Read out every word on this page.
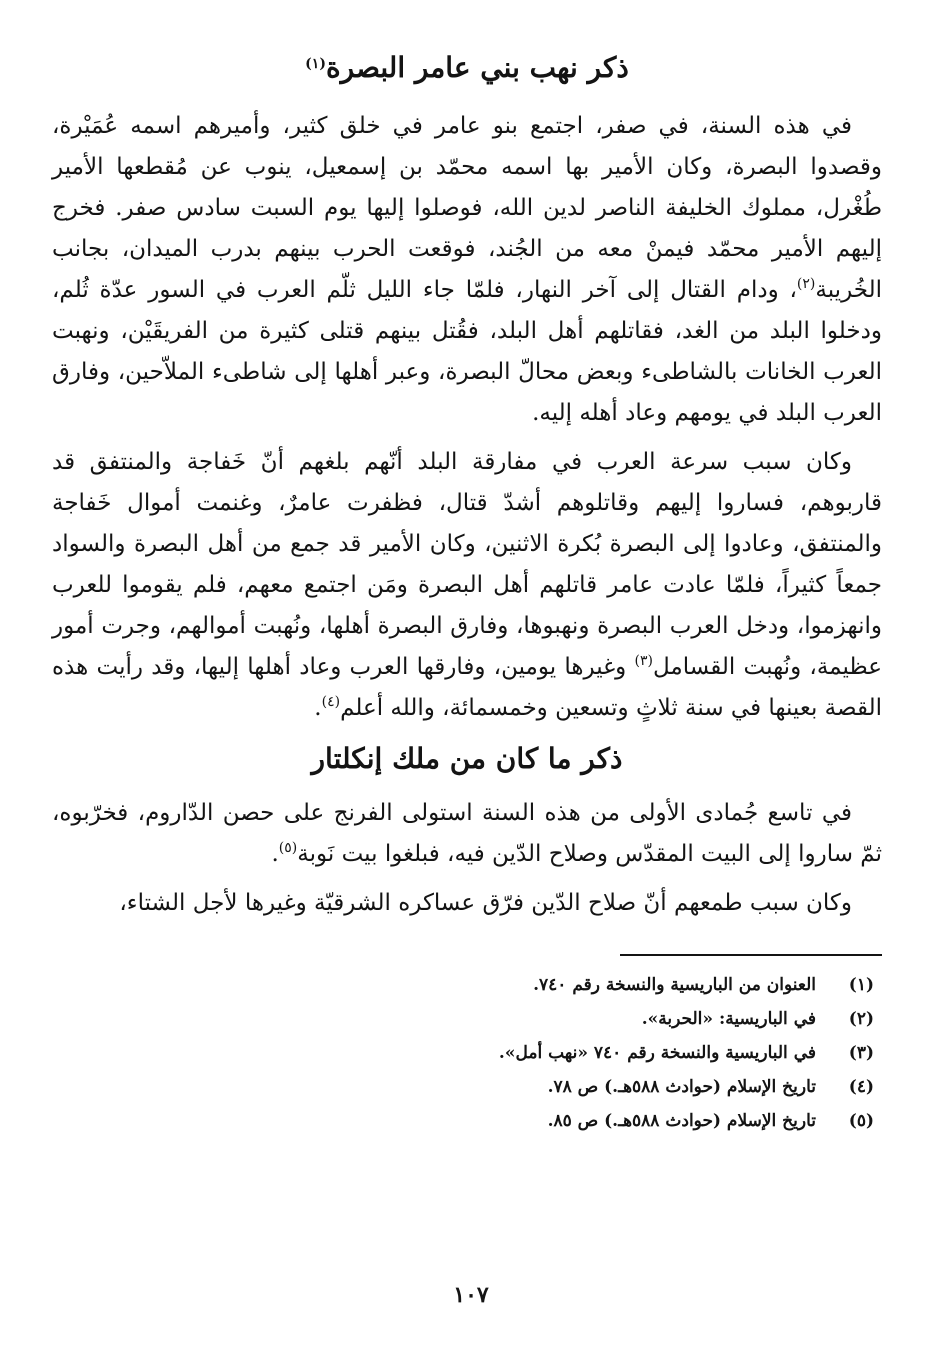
ذكر نهب بني عامر البصرة$^{(١)}$

في هذه السنة، في صفر، اجتمع بنو عامر في خلق كثير، وأميرهم اسمه عُمَيْرة، وقصدوا البصرة، وكان الأمير بها اسمه محمّد بن إسمعيل، ينوب عن مُقطعها الأمير طُغْرل، مملوك الخليفة الناصر لدين الله، فوصلوا إليها يوم السبت سادس صفر. فخرج إليهم الأمير محمّد فيمنْ معه من الجُند، فوقعت الحرب بينهم بدرب الميدان، بجانب الخُريبة$^{(٢)}$، ودام القتال إلى آخر النهار، فلمّا جاء الليل ثلّم العرب في السور عدّة ثُلم، ودخلوا البلد من الغد، فقاتلهم أهل البلد، فقُتل بينهم قتلى كثيرة من الفريقَيْن، ونهبت العرب الخانات بالشاطىء وبعض محالّ البصرة، وعبر أهلها إلى شاطىء الملاّحين، وفارق العرب البلد في يومهم وعاد أهله إليه.

وكان سبب سرعة العرب في مفارقة البلد أنّهم بلغهم أنّ خَفاجة والمنتفق قد قاربوهم، فساروا إليهم وقاتلوهم أشدّ قتال، فظفرت عامرٌ، وغنمت أموال خَفاجة والمنتفق، وعادوا إلى البصرة بُكرة الاثنين، وكان الأمير قد جمع من أهل البصرة والسواد جمعاً كثيراً، فلمّا عادت عامر قاتلهم أهل البصرة ومَن اجتمع معهم، فلم يقوموا للعرب وانهزموا، ودخل العرب البصرة ونهبوها، وفارق البصرة أهلها، ونُهبت أموالهم، وجرت أمور عظيمة، ونُهبت القسامل$^{(٣)}$ وغيرها يومين، وفارقها العرب وعاد أهلها إليها، وقد رأيت هذه القصة بعينها في سنة ثلاثٍ وتسعين وخمسمائة، والله أعلم$^{(٤)}$.

ذكر ما كان من ملك إنكلتار

في تاسع جُمادى الأولى من هذه السنة استولى الفرنج على حصن الدّاروم، فخرّبوه، ثمّ ساروا إلى البيت المقدّس وصلاح الدّين فيه، فبلغوا بيت نَوبة$^{(٥)}$.

وكان سبب طمعهم أنّ صلاح الدّين فرّق عساكره الشرقيّة وغيرها لأجل الشتاء،

(١)
العنوان من الباريسية والنسخة رقم ٧٤٠.
(٢)
في الباريسية: «الحربة».
(٣)
في الباريسية والنسخة رقم ٧٤٠ «نهب أمل».
(٤)
تاريخ الإسلام (حوادث ٥٨٨هـ.) ص ٧٨.
(٥)
تاريخ الإسلام (حوادث ٥٨٨هـ.) ص ٨٥.
١٠٧
